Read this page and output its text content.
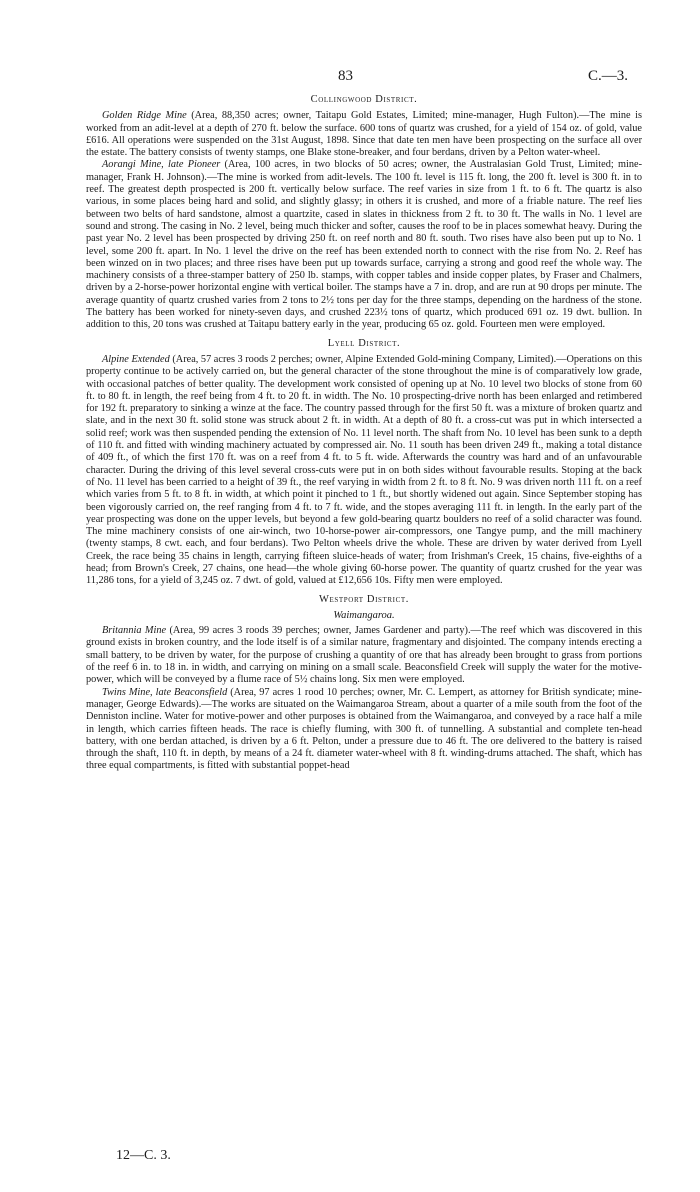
83	C.—3.
Collingwood District.

Golden Ridge Mine (Area, 88,350 acres; owner, Taitapu Gold Estates, Limited; mine-manager, Hugh Fulton).—The mine is worked from an adit-level at a depth of 270 ft. below the surface. 600 tons of quartz was crushed, for a yield of 154 oz. of gold, value £616. All operations were suspended on the 31st August, 1898. Since that date ten men have been prospecting on the surface all over the estate. The battery consists of twenty stamps, one Blake stone-breaker, and four berdans, driven by a Pelton water-wheel.

Aorangi Mine, late Pioneer (Area, 100 acres, in two blocks of 50 acres; owner, the Australasian Gold Trust, Limited; mine-manager, Frank H. Johnson).—The mine is worked from adit-levels. The 100 ft. level is 115 ft. long, the 200 ft. level is 300 ft. in to reef. The greatest depth prospected is 200 ft. vertically below surface. The reef varies in size from 1 ft. to 6 ft. The quartz is also various, in some places being hard and solid, and slightly glassy; in others it is crushed, and more of a friable nature. The reef lies between two belts of hard sandstone, almost a quartzite, cased in slates in thickness from 2 ft. to 30 ft. The walls in No. 1 level are sound and strong. The casing in No. 2 level, being much thicker and softer, causes the roof to be in places somewhat heavy. During the past year No. 2 level has been prospected by driving 250 ft. on reef north and 80 ft. south. Two rises have also been put up to No. 1 level, some 200 ft. apart. In No. 1 level the drive on the reef has been extended north to connect with the rise from No. 2. Reef has been winzed on in two places; and three rises have been put up towards surface, carrying a strong and good reef the whole way. The machinery consists of a three-stamper battery of 250 lb. stamps, with copper tables and inside copper plates, by Fraser and Chalmers, driven by a 2-horse-power horizontal engine with vertical boiler. The stamps have a 7 in. drop, and are run at 90 drops per minute. The average quantity of quartz crushed varies from 2 tons to 2½ tons per day for the three stamps, depending on the hardness of the stone. The battery has been worked for ninety-seven days, and crushed 223½ tons of quartz, which produced 691 oz. 19 dwt. bullion. In addition to this, 20 tons was crushed at Taitapu battery early in the year, producing 65 oz. gold. Fourteen men were employed.

Lyell District.

Alpine Extended (Area, 57 acres 3 roods 2 perches; owner, Alpine Extended Gold-mining Company, Limited).—Operations on this property continue to be actively carried on, but the general character of the stone throughout the mine is of comparatively low grade, with occasional patches of better quality. The development work consisted of opening up at No. 10 level two blocks of stone from 60 ft. to 80 ft. in length, the reef being from 4 ft. to 20 ft. in width. The No. 10 prospecting-drive north has been enlarged and retimbered for 192 ft. preparatory to sinking a winze at the face. The country passed through for the first 50 ft. was a mixture of broken quartz and slate, and in the next 30 ft. solid stone was struck about 2 ft. in width. At a depth of 80 ft. a cross-cut was put in which intersected a solid reef; work was then suspended pending the extension of No. 11 level north. The shaft from No. 10 level has been sunk to a depth of 110 ft. and fitted with winding machinery actuated by compressed air. No. 11 south has been driven 249 ft., making a total distance of 409 ft., of which the first 170 ft. was on a reef from 4 ft. to 5 ft. wide. Afterwards the country was hard and of an unfavourable character. During the driving of this level several cross-cuts were put in on both sides without favourable results. Stoping at the back of No. 11 level has been carried to a height of 39 ft., the reef varying in width from 2 ft. to 8 ft. No. 9 was driven north 111 ft. on a reef which varies from 5 ft. to 8 ft. in width, at which point it pinched to 1 ft., but shortly widened out again. Since September stoping has been vigorously carried on, the reef ranging from 4 ft. to 7 ft. wide, and the stopes averaging 111 ft. in length. In the early part of the year prospecting was done on the upper levels, but beyond a few gold-bearing quartz boulders no reef of a solid character was found. The mine machinery consists of one air-winch, two 10-horse-power air-compressors, one Tangye pump, and the mill machinery (twenty stamps, 8 cwt. each, and four berdans). Two Pelton wheels drive the whole. These are driven by water derived from Lyell Creek, the race being 35 chains in length, carrying fifteen sluice-heads of water; from Irishman's Creek, 15 chains, five-eighths of a head; from Brown's Creek, 27 chains, one head—the whole giving 60-horse power. The quantity of quartz crushed for the year was 11,286 tons, for a yield of 3,245 oz. 7 dwt. of gold, valued at £12,656 10s. Fifty men were employed.

Westport District.
Waimangaroa.

Britannia Mine (Area, 99 acres 3 roods 39 perches; owner, James Gardener and party).—The reef which was discovered in this ground exists in broken country, and the lode itself is of a similar nature, fragmentary and disjointed. The company intends erecting a small battery, to be driven by water, for the purpose of crushing a quantity of ore that has already been brought to grass from portions of the reef 6 in. to 18 in. in width, and carrying on mining on a small scale. Beaconsfield Creek will supply the water for the motive-power, which will be conveyed by a flume race of 5½ chains long. Six men were employed.

Twins Mine, late Beaconsfield (Area, 97 acres 1 rood 10 perches; owner, Mr. C. Lempert, as attorney for British syndicate; mine-manager, George Edwards).—The works are situated on the Waimangaroa Stream, about a quarter of a mile south from the foot of the Denniston incline. Water for motive-power and other purposes is obtained from the Waimangaroa, and conveyed by a race half a mile in length, which carries fifteen heads. The race is chiefly fluming, with 300 ft. of tunnelling. A substantial and complete ten-head battery, with one berdan attached, is driven by a 6 ft. Pelton, under a pressure due to 46 ft. The ore delivered to the battery is raised through the shaft, 110 ft. in depth, by means of a 24 ft. diameter water-wheel with 8 ft. winding-drums attached. The shaft, which has three equal compartments, is fitted with substantial poppet-head

12—C. 3.
